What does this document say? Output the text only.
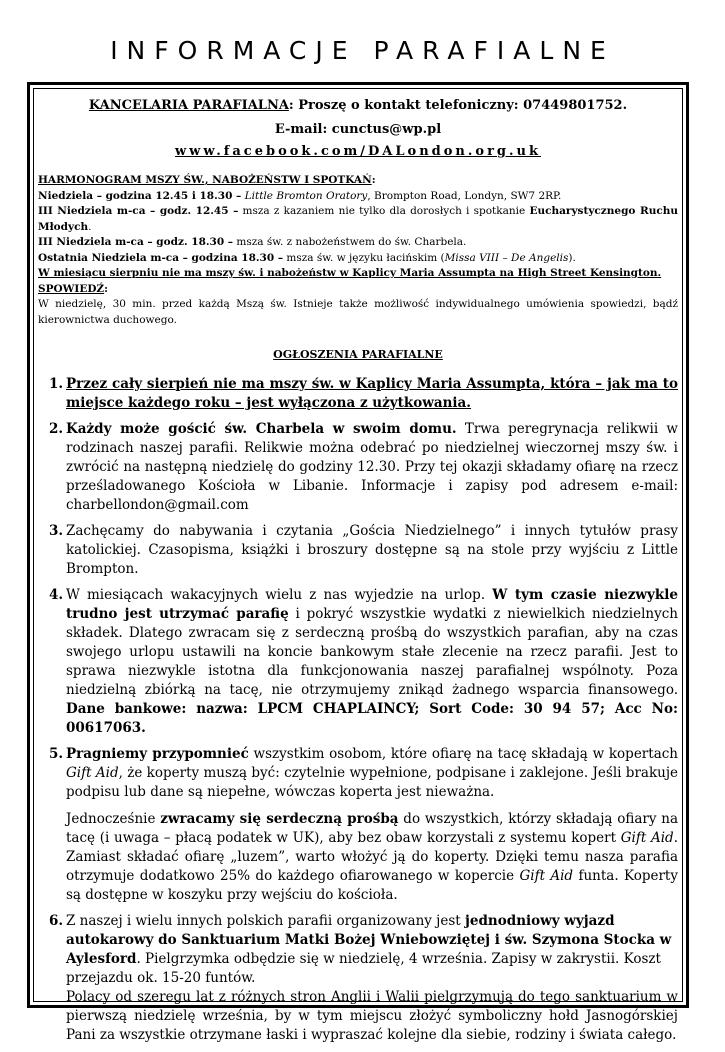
INFORMACJE PARAFIALNE
KANCELARIA PARAFIALNA: Proszę o kontakt telefoniczny: 07449801752.
E-mail: cunctus@wp.pl
www.facebook.com/DALondon.org.uk

HARMONOGRAM MSZY ŚW., NABOŻEŃSTW I SPOTKAŃ:

Niedziela – godzina 12.45 i 18.30 – Little Bromton Oratory, Brompton Road, Londyn, SW7 2RP.

III Niedziela m-ca – godz. 12.45 – msza z kazaniem nie tylko dla dorosłych i spotkanie Eucharystycznego Ruchu Młodych.

III Niedziela m-ca – godz. 18.30 – msza św. z nabożeństwem do św. Charbela.

Ostatnia Niedziela m-ca – godzina 18.30 – msza św. w języku łacińskim (Missa VIII – De Angelis).

W miesiącu sierpniu nie ma mszy św. i nabożeństw w Kaplicy Maria Assumpta na High Street Kensington.

SPOWIEDŹ:

W niedzielę, 30 min. przed każdą Mszą św. Istnieje także możliwość indywidualnego umówienia spowiedzi, bądź kierownictwa duchowego.

OGŁOSZENIA PARAFIALNE
1. Przez cały sierpień nie ma mszy św. w Kaplicy Maria Assumpta, która – jak ma to miejsce każdego roku – jest wyłączona z użytkowania.

2. Każdy może gościć św. Charbela w swoim domu. Trwa peregrynacja relikwii w rodzinach naszej parafii. Relikwie można odebrać po niedzielnej wieczornej mszy św. i zwrócić na następną niedzielę do godziny 12.30. Przy tej okazji składamy ofiarę na rzecz prześladowanego Kościoła w Libanie. Informacje i zapisy pod adresem e-mail: charbellondon@gmail.com

3. Zachęcamy do nabywania i czytania „Gościa Niedzielnego” i innych tytułów prasy katolickiej. Czasopisma, książki i broszury dostępne są na stole przy wyjściu z Little Brompton.

4. W miesiącach wakacyjnych wielu z nas wyjedzie na urlop. W tym czasie niezwykle trudno jest utrzymać parafię i pokryć wszystkie wydatki z niewielkich niedzielnych składek. Dlatego zwracam się z serdeczną prośbą do wszystkich parafian, aby na czas swojego urlopu ustawili na koncie bankowym stałe zlecenie na rzecz parafii. Jest to sprawa niezwykle istotna dla funkcjonowania naszej parafialnej wspólnoty. Poza niedzielną zbiórką na tacę, nie otrzymujemy znikąd żadnego wsparcia finansowego. Dane bankowe: nazwa: LPCM CHAPLAINCY; Sort Code: 30 94 57; Acc No: 00617063.

5. Pragniemy przypomnieć wszystkim osobom, które ofiarę na tacę składają w kopertach Gift Aid, że koperty muszą być: czytelnie wypełnione, podpisane i zaklejone. Jeśli brakuje podpisu lub dane są niepełne, wówczas koperta jest nieważna.

Jednocześnie zwracamy się serdeczną prośbą do wszystkich, którzy składają ofiary na tacę (i uwaga – płacą podatek w UK), aby bez obaw korzystali z systemu kopert Gift Aid. Zamiast składać ofiarę „luzem”, warto włożyć ją do koperty. Dzięki temu nasza parafia otrzymuje dodatkowo 25% do każdego ofiarowanego w kopercie Gift Aid funta. Koperty są dostępne w koszyku przy wejściu do kościoła.

6. Z naszej i wielu innych polskich parafii organizowany jest jednodniowy wyjazd autokarowy do Sanktuarium Matki Bożej Wniebowziętej i św. Szymona Stocka w Aylesford. Pielgrzymka odbędzie się w niedzielę, 4 września. Zapisy w zakrystii. Koszt przejazdu ok. 15-20 funtów.

Polacy od szeregu lat z różnych stron Anglii i Walii pielgrzymują do tego sanktuarium w pierwszą niedzielę września, by w tym miejscu złożyć symboliczny hołd Jasnogórskiej Pani za wszystkie otrzymane łaski i wypraszać kolejne dla siebie, rodziny i świata całego.
